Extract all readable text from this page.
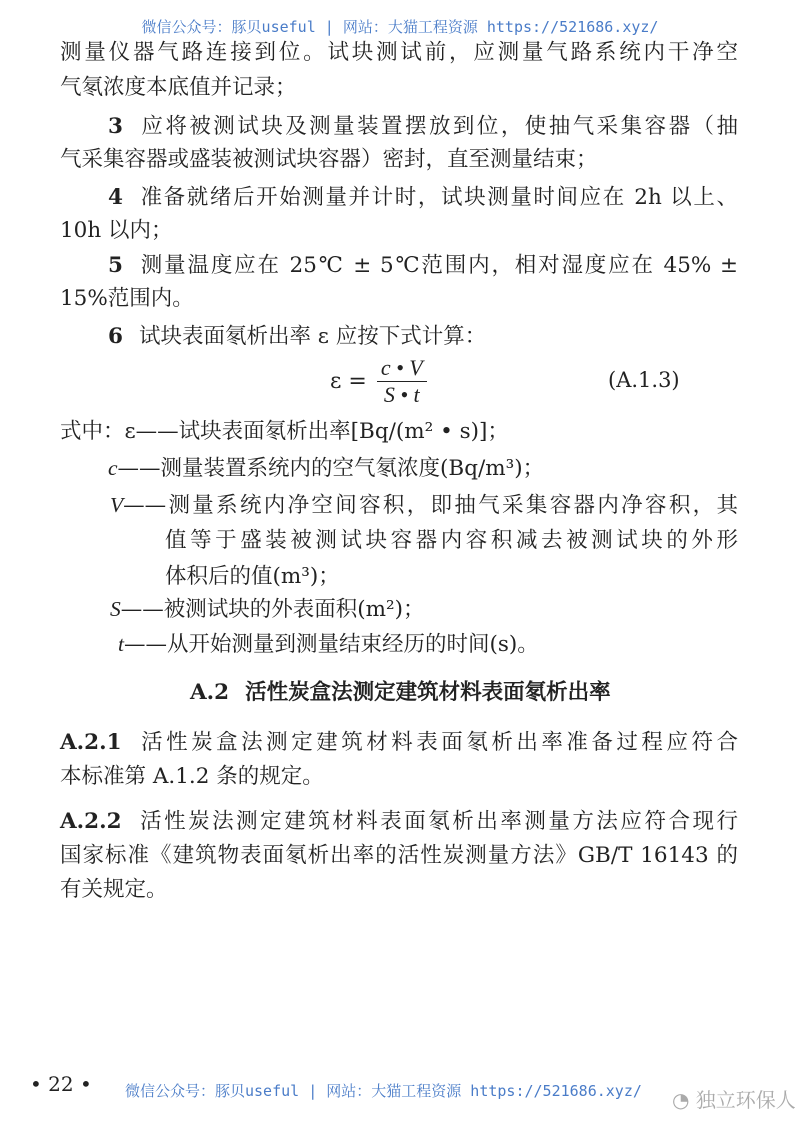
微信公众号：豚贝useful | 网站：大猫工程资源 https://521686.xyz/
测量仪器气路连接到位。试块测试前，应测量气路系统内干净空
气氡浓度本底值并记录；
3 应将被测试块及测量装置摆放到位，使抽气采集容器（抽
气采集容器或盛装被测试块容器）密封，直至测量结束；
4 准备就绪后开始测量并计时，试块测量时间应在 2h 以上、
10h 以内；
5 测量温度应在 25℃ ± 5℃范围内，相对湿度应在 45% ±
15%范围内。
6 试块表面氡析出率 ε 应按下式计算：
$\varepsilon = \frac{c • V}{S • t}$	(A.1.3)
式中：ε——试块表面氡析出率[Bq/(m² • s)]；
c——测量装置系统内的空气氡浓度(Bq/m³)；
V——测量系统内净空间容积，即抽气采集容器内净容积，其
值等于盛装被测试块容器内容积减去被测试块的外形
体积后的值(m³)；
S——被测试块的外表面积(m²)；
t——从开始测量到测量结束经历的时间(s)。
A.2 活性炭盒法测定建筑材料表面氡析出率
A.2.1 活性炭盒法测定建筑材料表面氡析出率准备过程应符合
本标准第 A.1.2 条的规定。
A.2.2 活性炭法测定建筑材料表面氡析出率测量方法应符合现行
国家标准《建筑物表面氡析出率的活性炭测量方法》GB/T 16143 的
有关规定。
• 22 • 微信公众号：豚贝useful | 网站：大猫工程资源 https://521686.xyz/ ◔ 独立环保人
